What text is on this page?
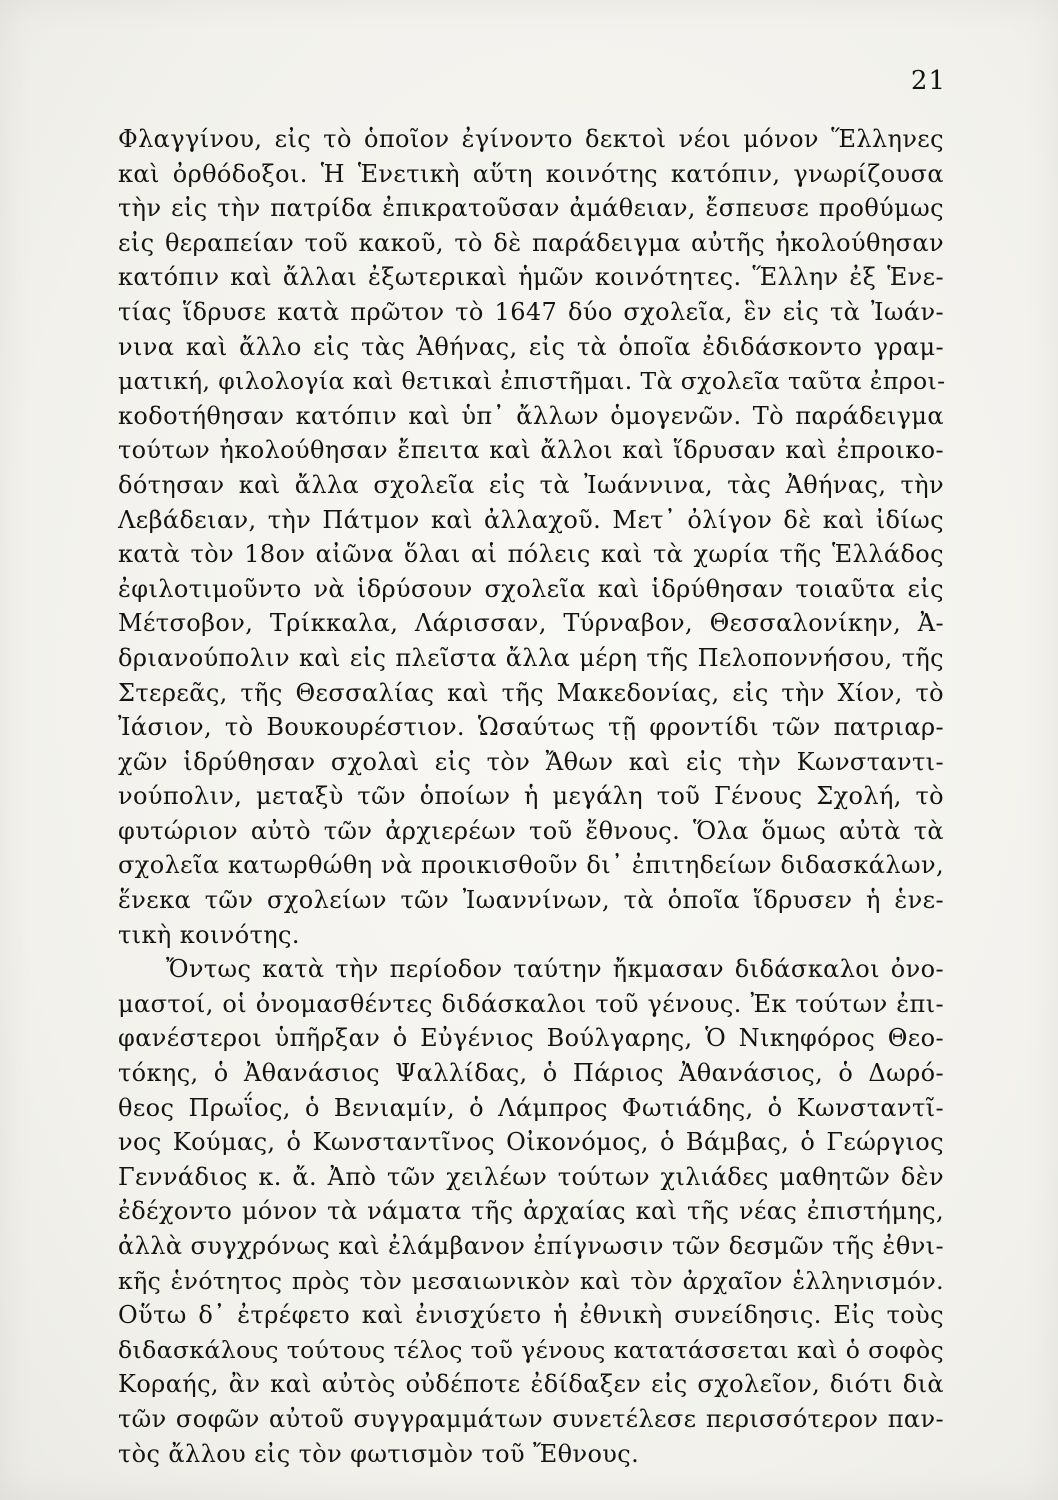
21
Φλαγγίνου, εἰς τὸ ὁποῖον ἐγίνοντο δεκτοὶ νέοι μόνον Ἕλληνες
καὶ ὀρθόδοξοι. Ἡ Ἑνετικὴ αὕτη κοινότης κατόπιν, γνωρίζουσα
τὴν εἰς τὴν πατρίδα ἐπικρατοῦσαν ἀμάθειαν, ἔσπευσε προθύμως
εἰς θεραπείαν τοῦ κακοῦ, τὸ δὲ παράδειγμα αὐτῆς ἠκολούθησαν
κατόπιν καὶ ἄλλαι ἐξωτερικαὶ ἡμῶν κοινότητες. Ἕλλην ἐξ Ἑνε-
τίας ἵδρυσε κατὰ πρῶτον τὸ 1647 δύο σχολεῖα, ἓν εἰς τὰ Ἰωάν-
νινα καὶ ἄλλο εἰς τὰς Ἀθήνας, εἰς τὰ ὁποῖα ἐδιδάσκοντο γραμ-
ματική, φιλολογία καὶ θετικαὶ ἐπιστῆμαι. Τὰ σχολεῖα ταῦτα ἐπροι-
κοδοτήθησαν κατόπιν καὶ ὑπ᾿ ἄλλων ὁμογενῶν. Τὸ παράδειγμα
τούτων ἠκολούθησαν ἔπειτα καὶ ἄλλοι καὶ ἵδρυσαν καὶ ἐπροικο-
δότησαν καὶ ἄλλα σχολεῖα εἰς τὰ Ἰωάννινα, τὰς Ἀθήνας, τὴν
Λεβάδειαν, τὴν Πάτμον καὶ ἀλλαχοῦ. Μετ᾿ ὀλίγον δὲ καὶ ἰδίως
κατὰ τὸν 18ον αἰῶνα ὅλαι αἱ πόλεις καὶ τὰ χωρία τῆς Ἑλλάδος
ἐφιλοτιμοῦντο νὰ ἱδρύσουν σχολεῖα καὶ ἱδρύθησαν τοιαῦτα εἰς
Μέτσοβον, Τρίκκαλα, Λάρισσαν, Τύρναβον, Θεσσαλονίκην, Ἀ-
δριανούπολιν καὶ εἰς πλεῖστα ἄλλα μέρη τῆς Πελοποννήσου, τῆς
Στερεᾶς, τῆς Θεσσαλίας καὶ τῆς Μακεδονίας, εἰς τὴν Χίον, τὸ
Ἰάσιον, τὸ Βουκουρέστιον. Ὡσαύτως τῇ φροντίδι τῶν πατριαρ-
χῶν ἱδρύθησαν σχολαὶ εἰς τὸν Ἄθων καὶ εἰς τὴν Κωνσταντι-
νούπολιν, μεταξὺ τῶν ὁποίων ἡ μεγάλη τοῦ Γένους Σχολή, τὸ
φυτώριον αὐτὸ τῶν ἀρχιερέων τοῦ ἔθνους. Ὅλα ὅμως αὐτὰ τὰ
σχολεῖα κατωρθώθη νὰ προικισθοῦν δι᾿ ἐπιτηδείων διδασκάλων,
ἕνεκα τῶν σχολείων τῶν Ἰωαννίνων, τὰ ὁποῖα ἵδρυσεν ἡ ἑνε-
τικὴ κοινότης.
Ὄντως κατὰ τὴν περίοδον ταύτην ἤκμασαν διδάσκαλοι ὀνο-
μαστοί, οἱ ὀνομασθέντες διδάσκαλοι τοῦ γένους. Ἐκ τούτων ἐπι-
φανέστεροι ὑπῆρξαν ὁ Εὐγένιος Βούλγαρης, Ὁ Νικηφόρος Θεο-
τόκης, ὁ Ἀθανάσιος Ψαλλίδας, ὁ Πάριος Ἀθανάσιος, ὁ Δωρό-
θεος Πρωΐος, ὁ Βενιαμίν, ὁ Λάμπρος Φωτιάδης, ὁ Κωνσταντῖ-
νος Κούμας, ὁ Κωνσταντῖνος Οἰκονόμος, ὁ Βάμβας, ὁ Γεώργιος
Γεννάδιος κ. ἄ. Ἀπὸ τῶν χειλέων τούτων χιλιάδες μαθητῶν δὲν
ἐδέχοντο μόνον τὰ νάματα τῆς ἀρχαίας καὶ τῆς νέας ἐπιστήμης,
ἀλλὰ συγχρόνως καὶ ἐλάμβανον ἐπίγνωσιν τῶν δεσμῶν τῆς ἐθνι-
κῆς ἑνότητος πρὸς τὸν μεσαιωνικὸν καὶ τὸν ἀρχαῖον ἑλληνισμόν.
Οὕτω δ᾿ ἐτρέφετο καὶ ἐνισχύετο ἡ ἐθνικὴ συνείδησις. Εἰς τοὺς
διδασκάλους τούτους τέλος τοῦ γένους κατατάσσεται καὶ ὁ σοφὸς
Κοραής, ἂν καὶ αὐτὸς οὐδέποτε ἐδίδαξεν εἰς σχολεῖον, διότι διὰ
τῶν σοφῶν αὐτοῦ συγγραμμάτων συνετέλεσε περισσότερον παν-
τὸς ἄλλου εἰς τὸν φωτισμὸν τοῦ Ἔθνους.
